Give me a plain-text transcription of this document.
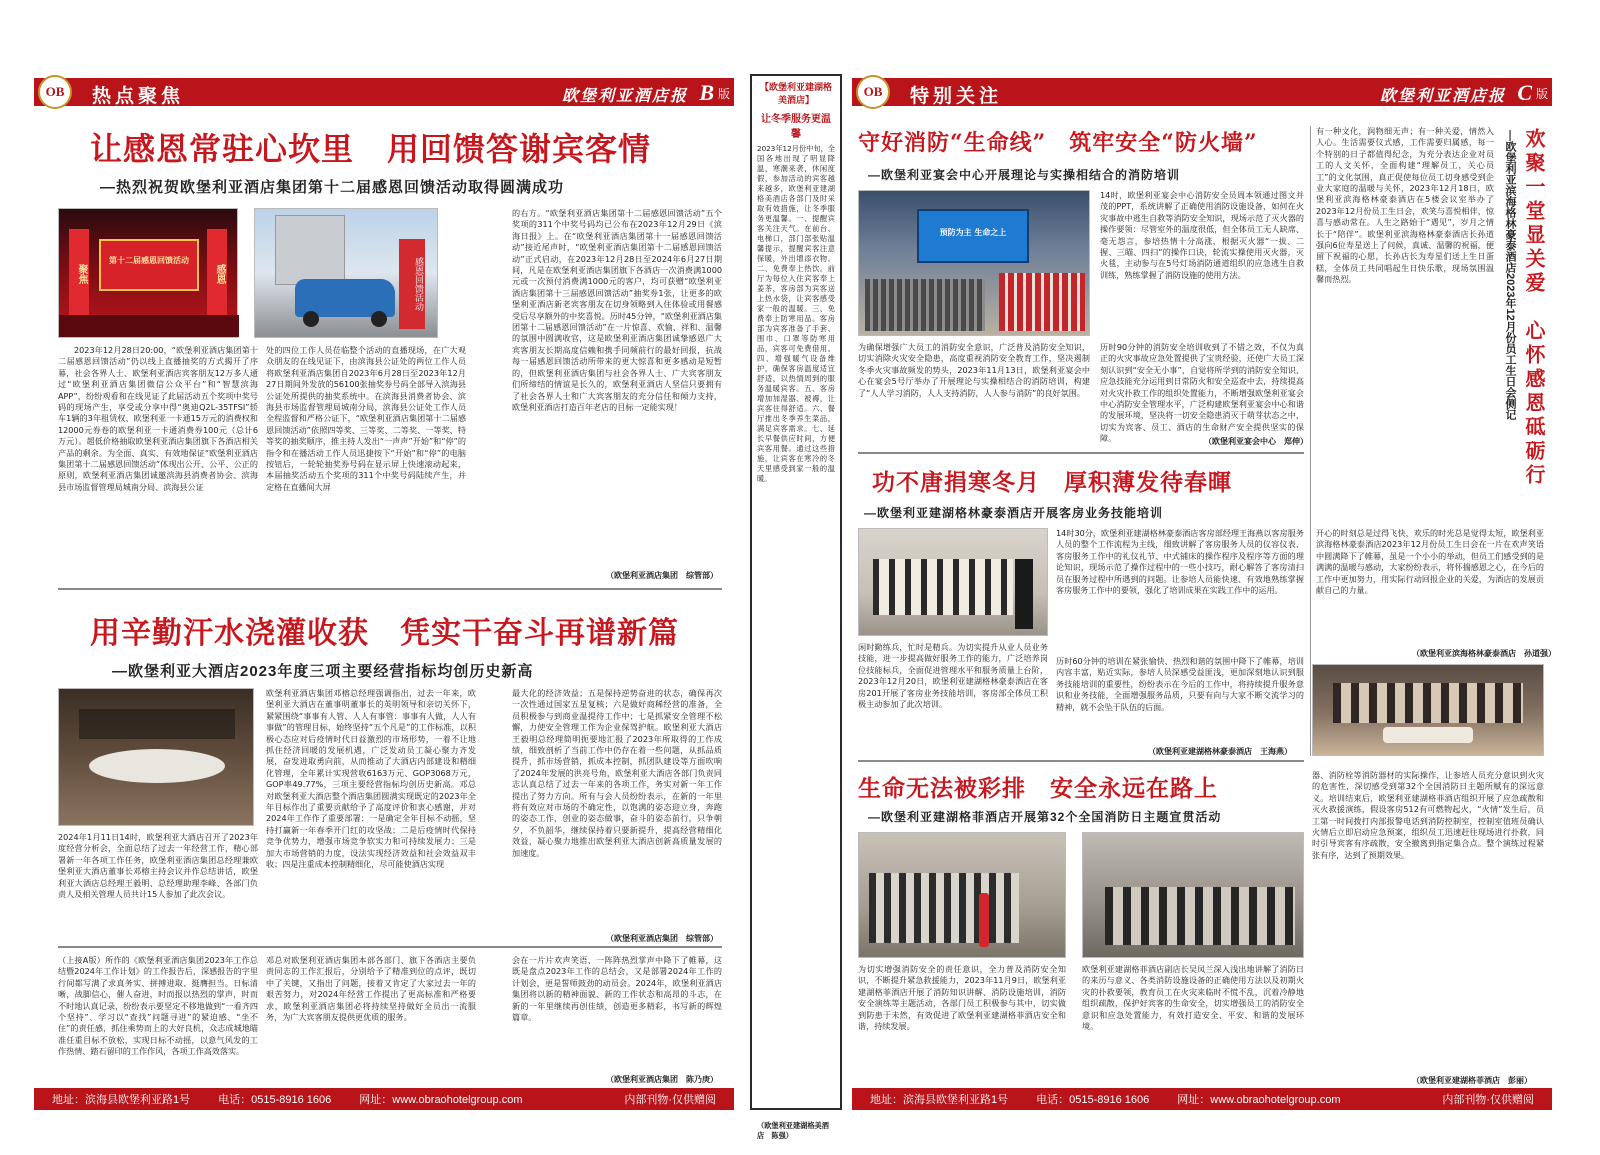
OB	热点聚焦	欧堡利亚酒店报 B 版
让感恩常驻心坎里　用回馈答谢宾客情
—热烈祝贺欧堡利亚酒店集团第十二届感恩回馈活动取得圆满成功
第十二届感恩回馈活动
聚焦	感恩	感恩回馈活动
2023年12月28日20:00，“欧堡利亚酒店集团第十二届感恩回馈活动”仍以线上直播抽奖的方式揭开了序幕，社会各界人士、欧堡利亚酒店宾客朋友12万多人通过“欧堡利亚酒店集团微信公众平台”和“智慧滨海APP”，纷纷观看和在线见证了此届活动五个奖项中奖号码的现场产生，享受或分享中得“奥迪Q2L-35TFSI”轿车1辆的3年租赁权、欧堡利亚一卡通15万元的消费权和12000元券卷的欧堡利亚一卡通消费券100元（总计6万元）。超低价格抽取欧堡利亚酒店集团旗下各酒店相关产品的剩余。为全面、真实、有效地保证“欧堡利亚酒店集团第十二届感恩回馈活动”体现出公开、公平、公正的原则，欧堡利亚酒店集团诚邀滨海县消费者协会、滨海县市场监督管理局城南分局、滨海县公证
处的四位工作人员莅临整个活动的直播现场，在广大观众朋友的在线见证下，由滨海县公证处的两位工作人员将欧堡利亚酒店集团自2023年6月28日至2023年12月27日期间外发放的56100张抽奖券号码全部导入滨海县公证处所提供的抽奖系统中。在滨海县消费者协会、滨海县市场监督管理局城南分局，滨海县公证处工作人员全程监督和严格公证下，“欧堡利亚酒店集团第十二届感恩回馈活动”依照四等奖、三等奖、二等奖、一等奖、特等奖的抽奖顺序，推主持人发出“一声声”开始”和“停”的指令和在播活动工作人员迅捷按下“开始”和“停”的电脑按钮后，一轮轮抽奖券号码在显示屏上快速滚动起来，本届抽奖活动五个奖项的311个中奖号码陆续产生，并定格在直播间大屏
的右方。“欧堡利亚酒店集团第十二届感恩回馈活动”五个奖项的311个中奖号码均已公布在2023年12月29日《滨海日报》上。在“欧堡利亚酒店集团第十一届感恩回馈活动”接近尾声时，“欧堡利亚酒店集团第十二届感恩回馈活动”正式启动，在2023年12月28日至2024年6月27日期间，凡是在欧堡利亚酒店集团旗下各酒店一次消费满1000元或一次预付消费满1000元的客户，均可获赠“欧堡利亚酒店集团第十三届感恩回馈活动”抽奖券1张，让更多的欧堡利亚酒店新老宾客朋友在切身领略到入住体验或用餐感受后尽享额外的中奖喜悦。历时45分钟，“欧堡利亚酒店集团第十二届感恩回馈活动”在一片惊喜、欢愉、祥和、温馨的氛围中圆满收官，这是欧堡利亚酒店集团诚挚感恩广大宾客朋友长期高度信赖和携手同频前行的最好回报，抗战每一届感恩回馈活动所带来的更大惊喜和更多感动是短暂的，但欧堡利亚酒店集团与社会各界人士、广大宾客朋友们所缔结的情谊是长久的，欧堡利亚酒店人坚信只要拥有了社会各界人士和广大宾客朋友的充分信任和倾力支持，欧堡利亚酒店打造百年老店的目标一定能实现！
（欧堡利亚酒店集团　综管部）
用辛勤汗水浇灌收获　凭实干奋斗再谱新篇
—欧堡利亚大酒店2023年度三项主要经营指标均创历史新高
2024年1月11日14时，欧堡利亚大酒店召开了2023年度经营分析会，全面总结了过去一年经营工作，精心部署新一年各项工作任务，欧堡利亚酒店集团总经理兼欧堡利亚大酒店董事长邓榕主持会议并作总结讲话，欧堡利亚大酒店总经理王毅明、总经理助理李峰、各部门负责人及相关管理人员共计15人参加了此次会议。
欧堡利亚酒店集团邓榕总经理强调指出，过去一年来，欧堡利亚大酒店在董事明董事长的英明领导和亲切关怀下，紧紧围绕“事事有人管、人人有事管：事事有人做，人人有事做”的管理目标，始终坚持“五个凡是”的工作标准，以积极心态应对后疫情时代日益激烈的市场形势，一着不让地抓住经济回暖的发展机遇，广泛发动员工凝心聚力齐发展，奋发进取勇向前，从而推动了大酒店内部建设和精细化管理，全年累计实现营收6163万元、GOP3068万元，GOP率49.77%，三项主要经营指标均创历史新高。邓总对欧堡利亚大酒店整个酒店集团圆满实现既定的2023年全年目标作出了重要贡献给予了高度评价和衷心感谢，并对2024年工作作了重要部署：一是确定全年目标不动摇，坚持打赢新一年春季开门红的攻坚战；二是后疫情时代保持竞争优势力，增强市场竞争软实力和可持续发展力；三是加大市场营销的力度，设法实现经济效益和社会效益双丰收；四是注重成本控制精细化，尽可能使酒店实现
最大化的经济效益；五是保持逆势奋进的状态，确保再次一次性通过国家五星复核；六是做好商稀经营的准备，全员积极参与到商业温提待工作中；七是抓紧安全管理不松懈，力使安全管理工作为企业保驾护航。欧堡利亚大酒店王毅明总经理简明扼要地汇报了2023年所取得的工作成绩，细致剖析了当前工作中仍存在着一些问题，从抓品质提升，抓市场营销，抓成本控制，抓团队建设等方面吹响了2024年发展的洪亮号角，欧堡利亚大酒店各部门负责同志认真总结了过去一年来的各项工作，务实对新一年工作提出了努力方向。所有与会人员纷纷表示，在新的一年里将有效应对市场的不确定性，以饱满的姿态迎立身，奔跑的姿态工作，创业的姿态做事，奋斗的姿态前行，只争朝夕，不负韶华，继续保持着只要新提升，提高经营精细化效益，凝心聚力地推出欧堡利亚大酒店创新高质量发展的加速度。
（欧堡利亚酒店集团　综管部）
（上接A版）所作的《欧堡利亚酒店集团2023年工作总结暨2024年工作计划》的工作报告后，深感报告的字里行间都写满了求真务实、拼搏进取、挺膺担当。日标清晰，战脚信心，催人奋进，时而报以热烈的掌声，时而不时地认真记录，纷纷表示要坚定不移地做到“一看齐四个坚持”、学习以“查找”问题寻进”的紧迫感、“坐不住”的责任感，抓住乘势而上的大好良机，众志成城地瞄准任重目标不放松，实现日标不动摇，以意气风发的工作热情、踏石留印的工作作风，各项工作高效落实。
邓总对欧堡利亚酒店集团本部各部门、旗下各酒店主要负责同志的工作汇报后，分别给予了精准到位的点评，既切中了关键，又指出了问题，接着又肯定了大家过去一年的艰苦努力，对2024年经营工作提出了更高标准和严格要求，欧堡利亚酒店集团必将持续坚持做好全员出一流服务，为广大宾客朋友提供更优质的服务。
会在一片片欢声笑语、一阵阵热烈掌声中降下了帷幕，这既是盘点2023年工作的总结会，又是部署2024年工作的计划会，更是誓师鼓劲的动员会。2024年，欧堡利亚酒店集团将以新的精神面貌、新的工作状态和高昂的斗志，在新的一年里继续再创佳绩，创造更多精彩，书写新的辉煌篇章。
（欧堡利亚酒店集团　陈乃庚）
地址：滨海县欧堡利亚路1号	电话：0515-8916 1606	网址：www.obraohotelgroup.com	内部刊物·仅供赠阅
【欧堡利亚建湖格美酒店】
让冬季服务更温馨
2023年12月份中旬，全国各地出现了明显降温，寒潮来袭，休闲度假，参加活动的宾客越来越多，欧堡利亚建湖格美酒店各部门及时采取有效措施，让冬季服务更温馨。一、提醒宾客关注天气。在前台、电梯口，部门部张贴温馨提示，提醒宾客注意保暖，外出增添衣物。二、免费奉上热饮。前厅为每位入住宾客奉上姜茶，客房部为宾客送上热水袋，让宾客感受家一般的温暖。三、免费奉上防寒用品。客房部为宾客准备了手套、围巾、口罩等防寒用品，宾客可免费借用。四、增强暖气设备维护，确保客房温度适宜舒适，以热情周到的服务温暖宾客。五、客房增加加湿器、被褥，让宾客住得舒适。六、餐厅推出冬季养生菜品，满足宾客需求。七、延长早餐供应时间，方便宾客用餐。通过这些措施，让宾客在寒冷的冬天里感受到家一般的温暖。
（欧堡利亚建湖格美酒店　陈强）
OB	特别关注	欧堡利亚酒店报 C 版
守好消防“生命线”　筑牢安全“防火墙”
—欧堡利亚宴会中心开展理论与实操相结合的消防培训
预防为主 生命之上
14时，欧堡利亚宴会中心消防安全员周本领通过图文并茂的PPT，系统讲解了正确使用消防设施设备，如何在火灾事故中逃生自救等消防安全知识，现场示范了灭火器的操作要领：尽管室外的温度很低，但全体员工无人缺席、毫无怨言，参培热情十分高涨，根据灭火器“一拔、二握、三瞄、四扫”的操作口诀，轮流实操使用灭火器，灭火毯，主动参与在5号灯场消防通道组织的应急逃生自救训练，熟练掌握了消防设施的使用方法。
为确保增强广大员工的消防安全意识，广泛普及消防安全知识，切实消除火灾安全隐患，高度重视消防安全教育工作，坚决遏制冬季火灾事故频发的势头，2023年11月13日，欧堡利亚宴会中心在宴会5号厅举办了开展理论与实操相结合的消防培训，构建了“人人学习消防，人人支持消防，人人参与消防”的良好氛围。
历时90分钟的消防安全培训收到了不错之效，不仅为真正的火灾事故应急处置提供了宝贵经验，还使广大员工深刻认识到“安全无小事”，自觉将所学到的消防安全知识、应急技能充分运用到日常防火和安全巡查中去，持续提高对火灾扑救工作的组织处置能力，不断增强欧堡利亚宴会中心消防安全管理水平，广泛构建欧堡利亚宴会中心和谐的发展环境，坚决将一切安全隐患消灭于萌芽状态之中，切实为宾客、员工、酒店的生命财产安全提供坚实的保障。	（欧堡利亚宴会中心　郑伸）
功不唐捐寒冬月　厚积薄发待春暉
—欧堡利亚建湖格林豪泰酒店开展客房业务技能培训
14时30分，欧堡利亚建湖格林豪泰酒店客房部经理王海燕以客房服务人员的整个工作流程为主线，细致讲解了客房服务人员的仪容仪表、客房服务工作中的礼仪礼节、中式铺床的操作程序及程序等方面的理论知识，现场示范了操作过程中的一些小技巧，耐心解答了客房清扫员在服务过程中所遇到的问题。让参培人员能快速、有效地熟练掌握客房服务工作中的要领，强化了培训成果在实践工作中的运用。
闲时勤练兵，忙时是精兵。为切实提升从业人员业务技能，进一步提高做好服务工作的能力，广泛培养岗位技能标兵，全面促进管理水平和服务质量上台阶，2023年12月20日，欧堡利亚建湖格林豪泰酒店在客房201开展了客房业务技能培训，客房部全体员工积极主动参加了此次培训。
历时60分钟的培训在紧张愉快、热烈和谐的氛围中降下了帷幕，培训内容丰富，贴近实际，参培人员深感受益匪浅，更加深刻地认识到服务技能培训的重要性，纷纷表示在今后的工作中，将持续提升服务意识和业务技能，全面增强服务品质，只要有向与大家不断交流学习的精神，就不会坠于队伍的后面。
（欧堡利亚建湖格林豪泰酒店　王海燕）
生命无法被彩排　安全永远在路上
—欧堡利亚建湖格菲酒店开展第32个全国消防日主题宣贯活动
为切实增强消防安全的责任意识，全力普及消防安全知识，不断提升紧急救援能力，2023年11月9日，欧堡利亚建湖格菲酒店开展了消防知识讲解、消防设施培训，消防安全演练等主题活动，各部门员工积极参与其中，切实做到防患于未然，有效促进了欧堡利亚建湖格菲酒店安全和谐，持续发展。
欧堡利亚建湖格菲酒店副店长吴凤兰深入浅出地讲解了消防日的来历与意义、各类消防设施设备的正确使用方法以及初期火灾的扑救要领，教育员工在火灾来临时不慌不乱，沉着冷静地组织疏散，保护好宾客的生命安全，切实增强员工的消防安全意识和应急处置能力，有效打造安全、平安、和谐的发展环境。
器、消防栓等消防器材的实际操作，让参培人员充分意识到火灾的危害性，深切感受到第32个全国消防日主题所赋有的深远意义。培训结束后，欧堡利亚建湖格菲酒店组织开展了应急疏散和灭火救援演练，假设客房512有可燃物起火，“火情”发生后，员工第一时间拨打内部报警电话到消防控制室，控制室值班员确认火情后立即启动应急预案，组织员工迅速赶往现场进行扑救，同时引导宾客有序疏散，安全撤离到指定集合点。整个演练过程紧张有序，达到了预期效果。
（欧堡利亚建湖格菲酒店　彭丽）
有一种文化，润物细无声；有一种关爱，情然入人心。生活需要仪式感，工作需要归属感，每一个特别的日子都值得纪念，为充分表达企业对员工的人文关怀，全面构建“理解员工，关心员工”的文化氛围，真正促使每位员工切身感受到企业大家庭的温暖与关怀，2023年12月18日，欧堡利亚滨海格林豪泰酒店在5楼会议室举办了2023年12月份员工生日会，欢笑与喜悦相伴，惊喜与感动常在。人生之路始于“遇见”，岁月之情长于“陪伴”。欧堡利亚滨海格林豪泰酒店长孙道强向6位寿星送上了问候，真诚、温馨的祝福，便留下祝福的心愿，长孙店长为寿星们送上生日蛋糕，全体员工共同唱起生日快乐歌，现场氛围温馨而热烈。	欢聚一堂显关爱　心怀感恩砥砺行
—欧堡利亚滨海格林豪泰酒店2023年12月份员工生日会侧记
开心的时刻总是过得飞快，欢乐的时光总是觉得太短，欧堡利亚滨海格林豪泰酒店2023年12月份员工生日会在一片在欢声笑语中圆满降下了帷幕，虽是一个小小的举动，但员工们感受到的是满满的温暖与感动，大家纷纷表示，将怀揣感恩之心，在今后的工作中更加努力，用实际行动回报企业的关爱，为酒店的发展贡献自己的力量。
（欧堡利亚滨海格林豪泰酒店　孙道强）
地址：滨海县欧堡利亚路1号	电话：0515-8916 1606	网址：www.obraohotelgroup.com	内部刊物·仅供赠阅
